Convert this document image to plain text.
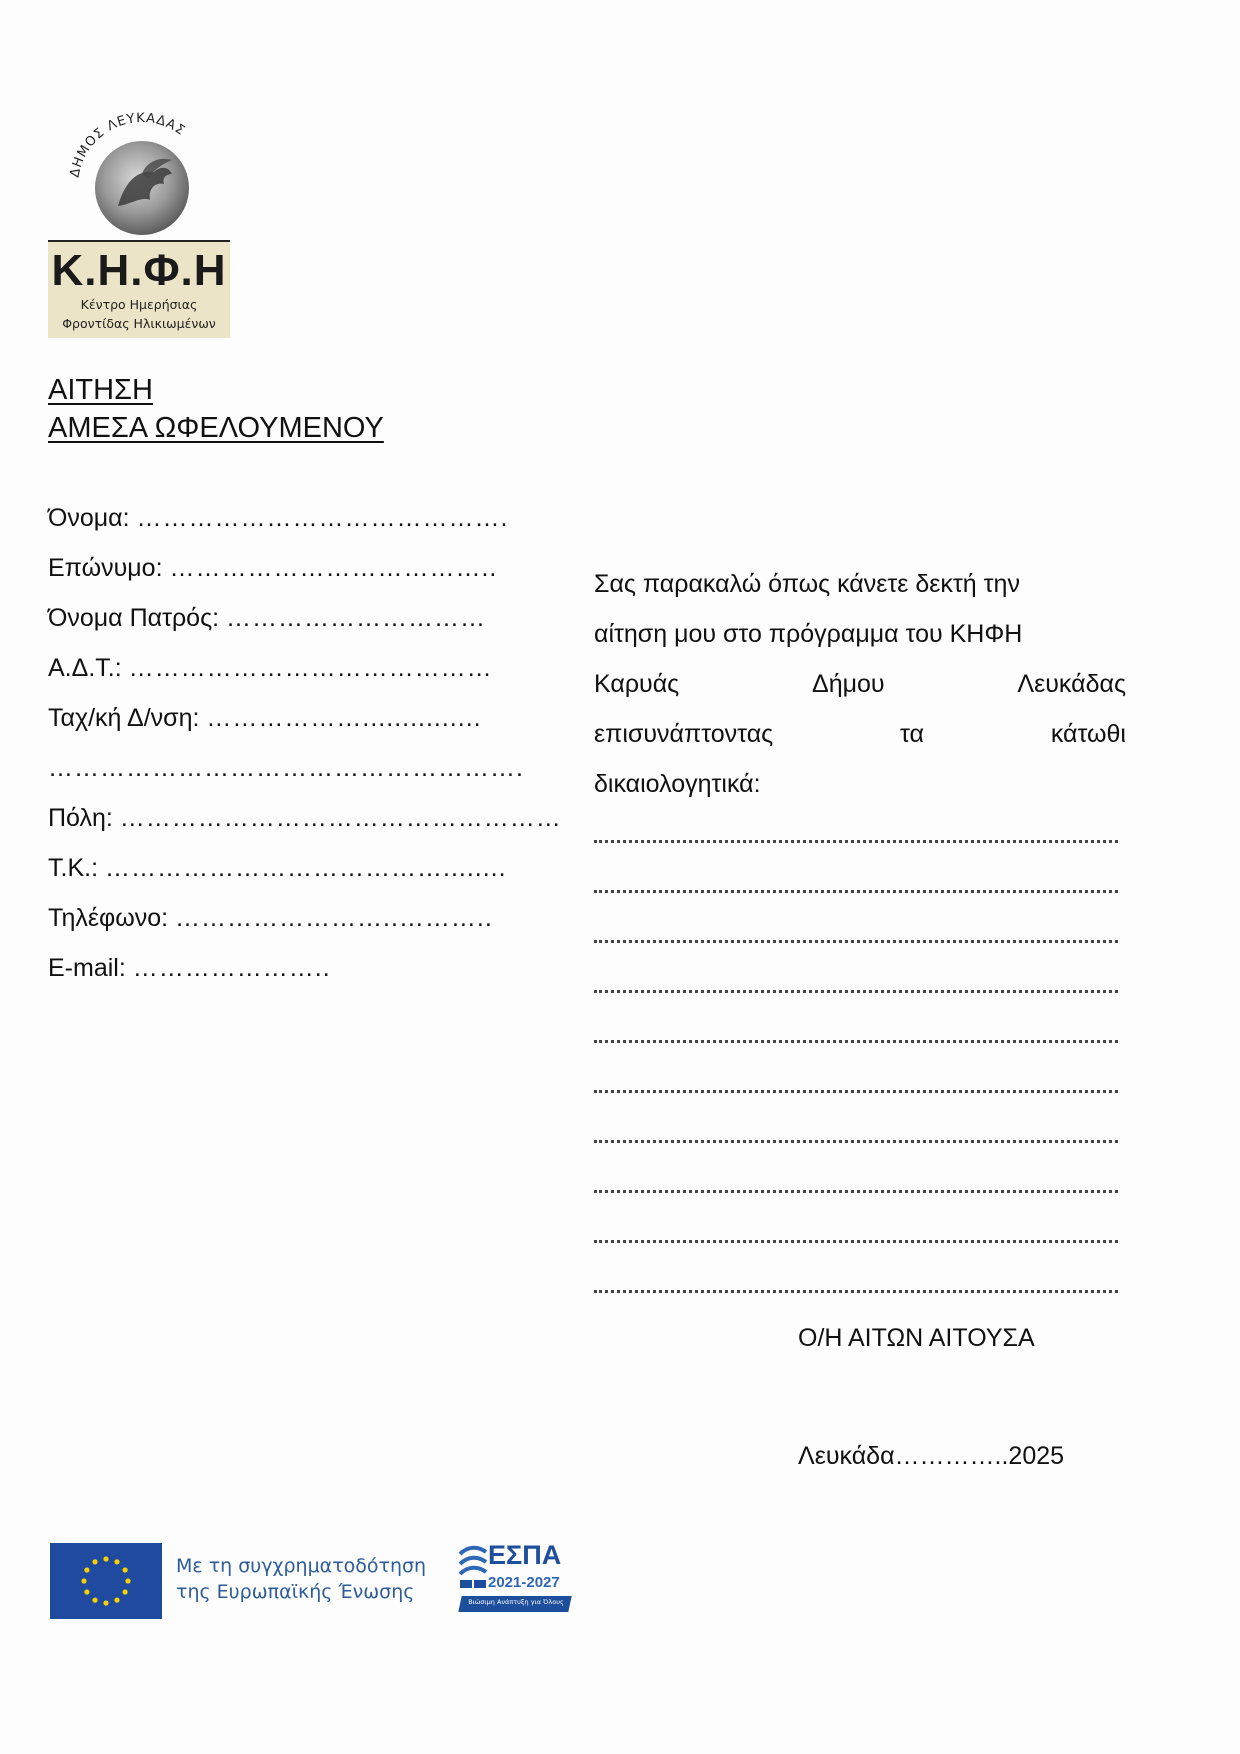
ΔΗΜΟΣ ΛΕΥΚΑΔΑΣ
Κ.Η.Φ.Η
Κέντρο Ημερήσιας
Φροντίδας Ηλικιωμένων
ΑΙΤΗΣΗ
ΑΜΕΣΑ ΩΦΕΛΟΥΜΕΝΟΥ
Όνομα: …………………………………….
Επώνυμο: ………………………………..
Όνομα Πατρός: …………………………
Α.Δ.Τ.: ……………………………………
Ταχ/κή Δ/νση: ………………...............
……………………………………………….
Πόλη: ……………………………………………
Τ.Κ.: …………………………………........
Τηλέφωνο: ……………………..………..
E-mail: …………………..
Σας παρακαλώ όπως κάνετε δεκτή την
αίτηση μου στο πρόγραμμα του ΚΗΦΗ
Καρυάς	Δήμου	Λευκάδας
επισυνάπτοντας	τα	κάτωθι
δικαιολογητικά:
Ο/Η ΑΙΤΩΝ ΑΙΤΟΥΣΑ
Λευκάδα…………..2025
Με τη συγχρηματοδότηση
της Ευρωπαϊκής Ένωσης
ΕΣΠΑ
2021-2027
Βιώσιμη Ανάπτυξη για Όλους
